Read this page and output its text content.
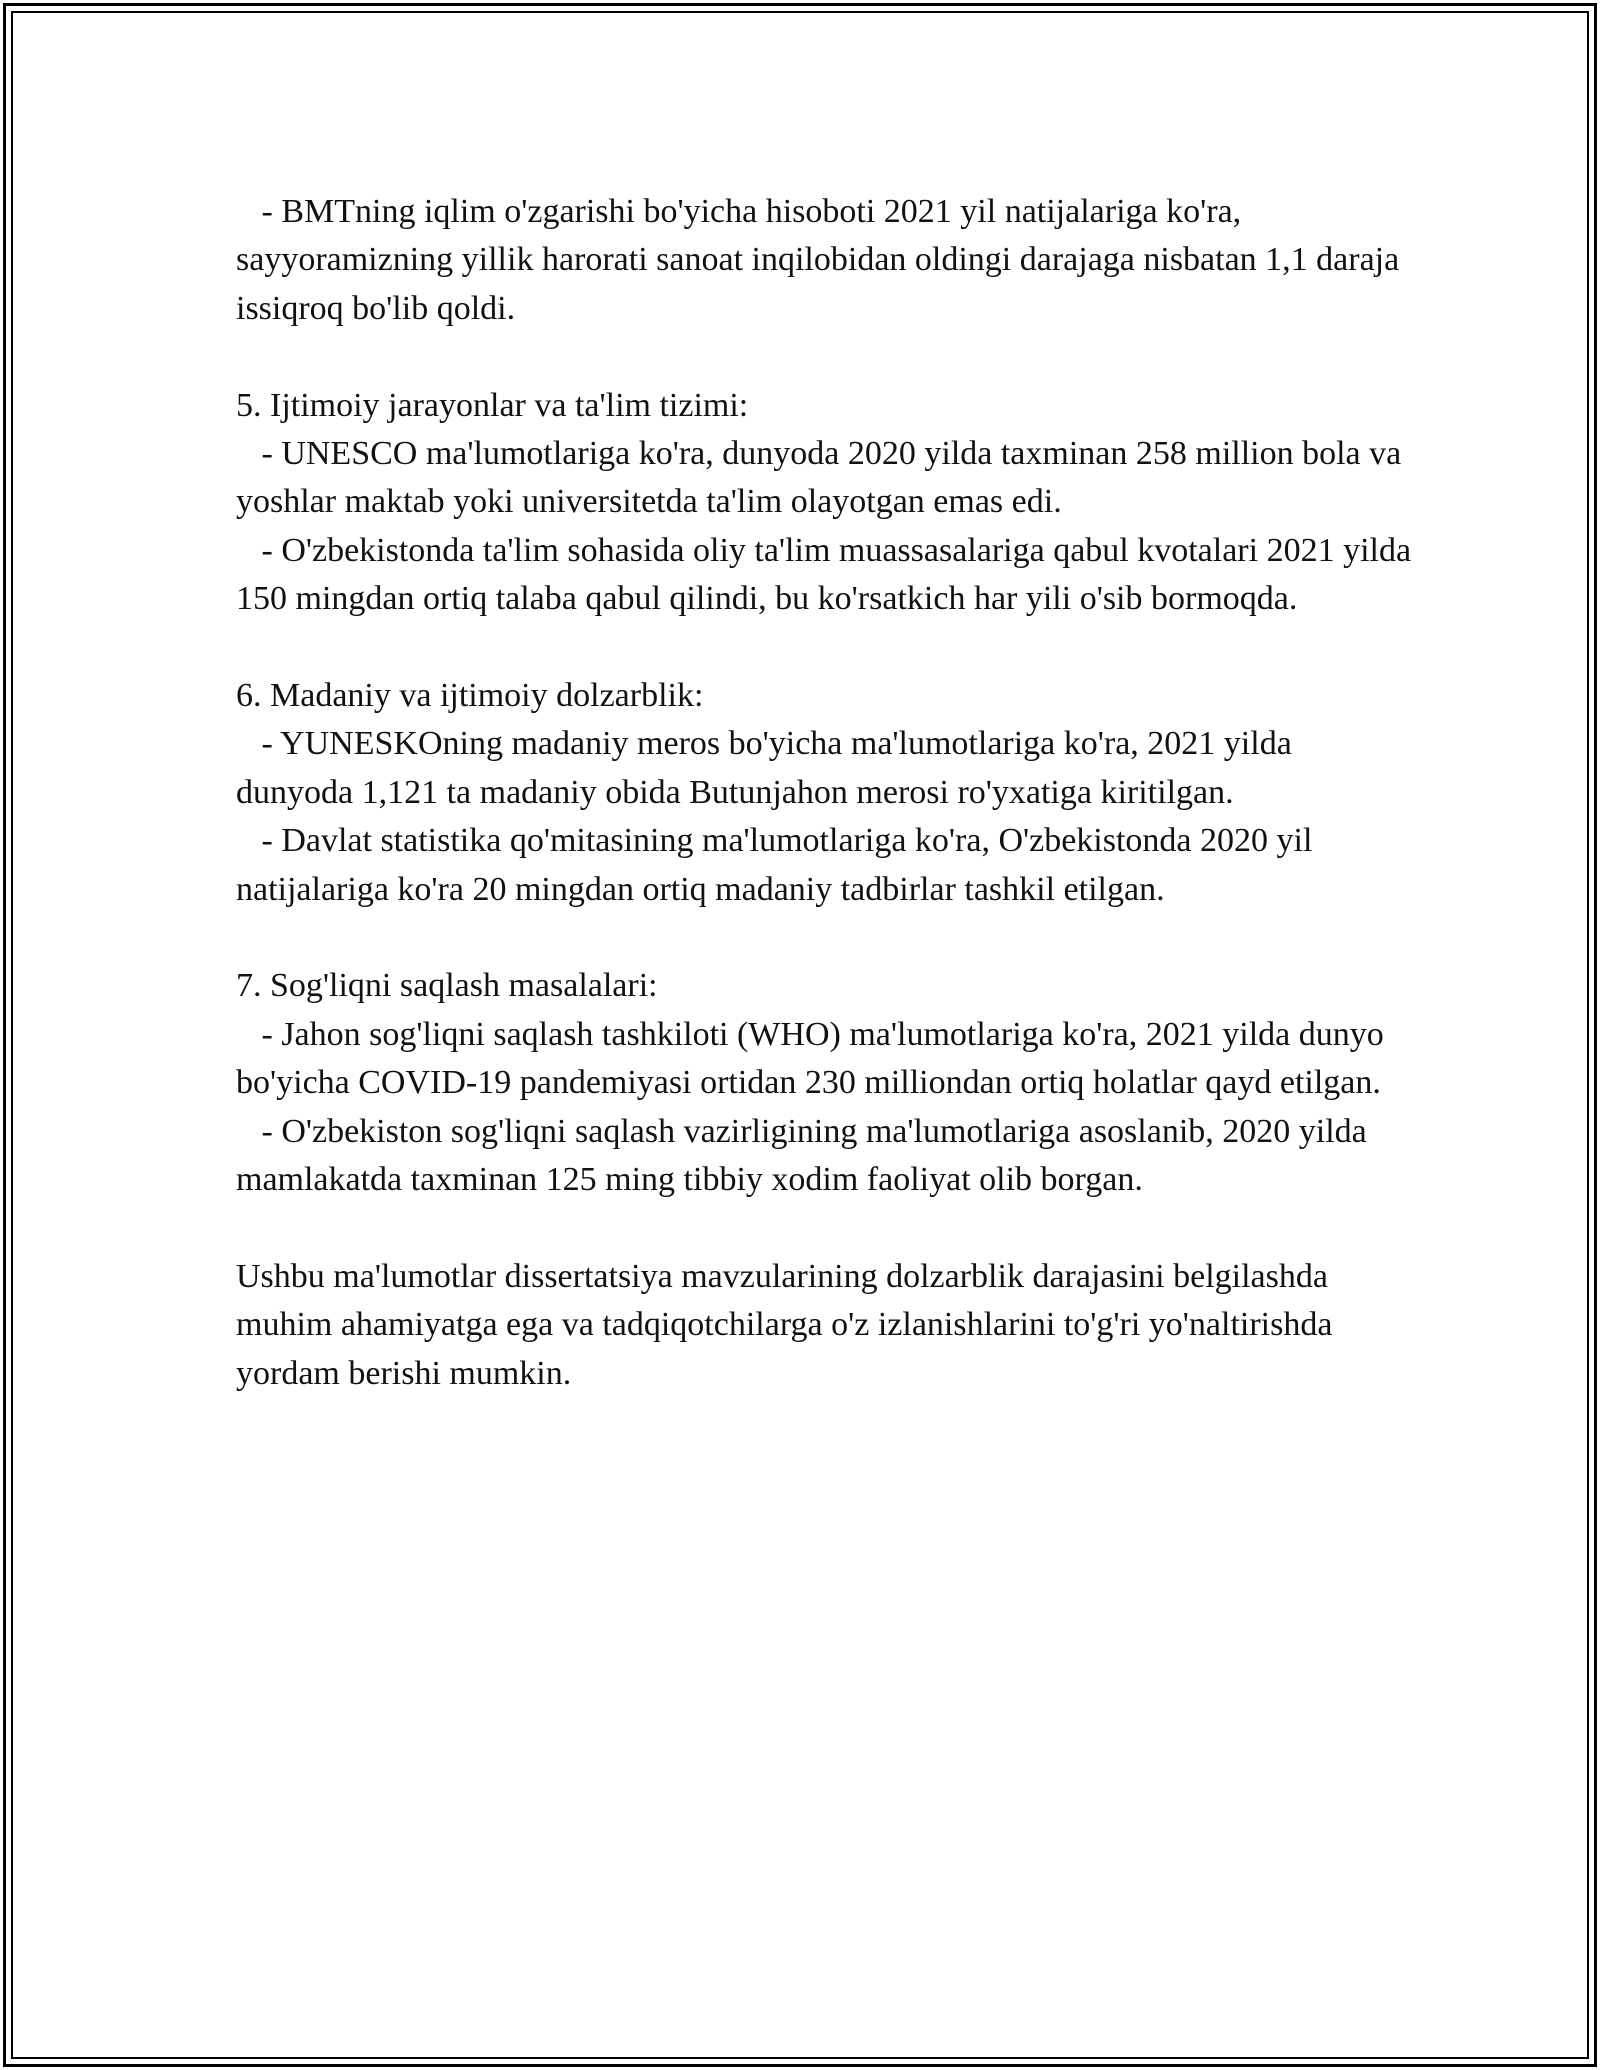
- BMTning iqlim o'zgarishi bo'yicha hisoboti 2021 yil natijalariga ko'ra, sayyoramizning yillik harorati sanoat inqilobidan oldingi darajaga nisbatan 1,1 daraja issiqroq bo'lib qoldi.

5. Ijtimoiy jarayonlar va ta'lim tizimi:

- UNESCO ma'lumotlariga ko'ra, dunyoda 2020 yilda taxminan 258 million bola va yoshlar maktab yoki universitetda ta'lim olayotgan emas edi.

- O'zbekistonda ta'lim sohasida oliy ta'lim muassasalariga qabul kvotalari 2021 yilda 150 mingdan ortiq talaba qabul qilindi, bu ko'rsatkich har yili o'sib bormoqda.

6. Madaniy va ijtimoiy dolzarblik:

- YUNESKOning madaniy meros bo'yicha ma'lumotlariga ko'ra, 2021 yilda dunyoda 1,121 ta madaniy obida Butunjahon merosi ro'yxatiga kiritilgan.

- Davlat statistika qo'mitasining ma'lumotlariga ko'ra, O'zbekistonda 2020 yil natijalariga ko'ra 20 mingdan ortiq madaniy tadbirlar tashkil etilgan.

7. Sog'liqni saqlash masalalari:

- Jahon sog'liqni saqlash tashkiloti (WHO) ma'lumotlariga ko'ra, 2021 yilda dunyo bo'yicha COVID-19 pandemiyasi ortidan 230 milliondan ortiq holatlar qayd etilgan.

- O'zbekiston sog'liqni saqlash vazirligining ma'lumotlariga asoslanib, 2020 yilda mamlakatda taxminan 125 ming tibbiy xodim faoliyat olib borgan.

Ushbu ma'lumotlar dissertatsiya mavzularining dolzarblik darajasini belgilashda muhim ahamiyatga ega va tadqiqotchilarga o'z izlanishlarini to'g'ri yo'naltirishda yordam berishi mumkin.
